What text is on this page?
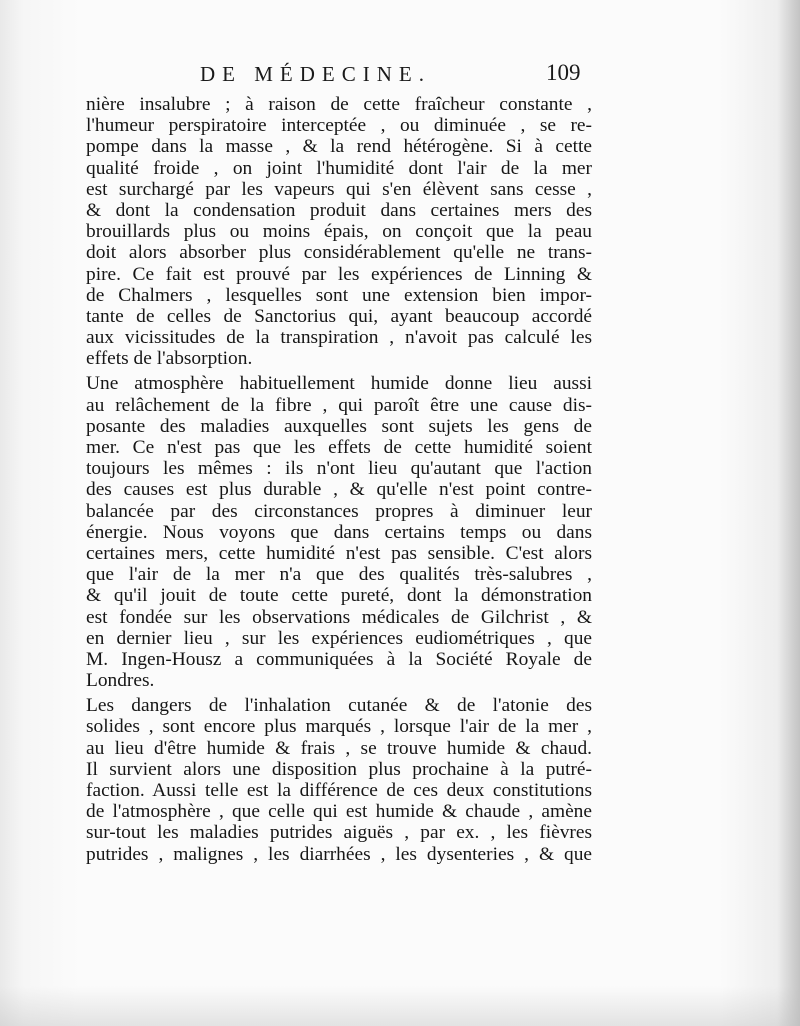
DE MÉDECINE.	109
nière insalubre ; à raison de cette fraîcheur constante ,
l'humeur perspiratoire interceptée , ou diminuée , se re-
pompe dans la masse , & la rend hétérogène. Si à cette
qualité froide , on joint l'humidité dont l'air de la mer
est surchargé par les vapeurs qui s'en élèvent sans cesse ,
& dont la condensation produit dans certaines mers des
brouillards plus ou moins épais, on conçoit que la peau
doit alors absorber plus considérablement qu'elle ne trans-
pire. Ce fait est prouvé par les expériences de Linning &
de Chalmers , lesquelles sont une extension bien impor-
tante de celles de Sanctorius qui, ayant beaucoup accordé
aux vicissitudes de la transpiration , n'avoit pas calculé les
effets de l'absorption.
Une atmosphère habituellement humide donne lieu aussi
au relâchement de la fibre , qui paroît être une cause dis-
posante des maladies auxquelles sont sujets les gens de
mer. Ce n'est pas que les effets de cette humidité soient
toujours les mêmes : ils n'ont lieu qu'autant que l'action
des causes est plus durable , & qu'elle n'est point contre-
balancée par des circonstances propres à diminuer leur
énergie. Nous voyons que dans certains temps ou dans
certaines mers, cette humidité n'est pas sensible. C'est alors
que l'air de la mer n'a que des qualités très-salubres ,
& qu'il jouit de toute cette pureté, dont la démonstration
est fondée sur les observations médicales de Gilchrist , &
en dernier lieu , sur les expériences eudiométriques , que
M. Ingen-Housz a communiquées à la Société Royale de
Londres.
Les dangers de l'inhalation cutanée & de l'atonie des
solides , sont encore plus marqués , lorsque l'air de la mer ,
au lieu d'être humide & frais , se trouve humide & chaud.
Il survient alors une disposition plus prochaine à la putré-
faction. Aussi telle est la différence de ces deux constitutions
de l'atmosphère , que celle qui est humide & chaude , amène
sur-tout les maladies putrides aiguës , par ex. , les fièvres
putrides , malignes , les diarrhées , les dysenteries , & que
